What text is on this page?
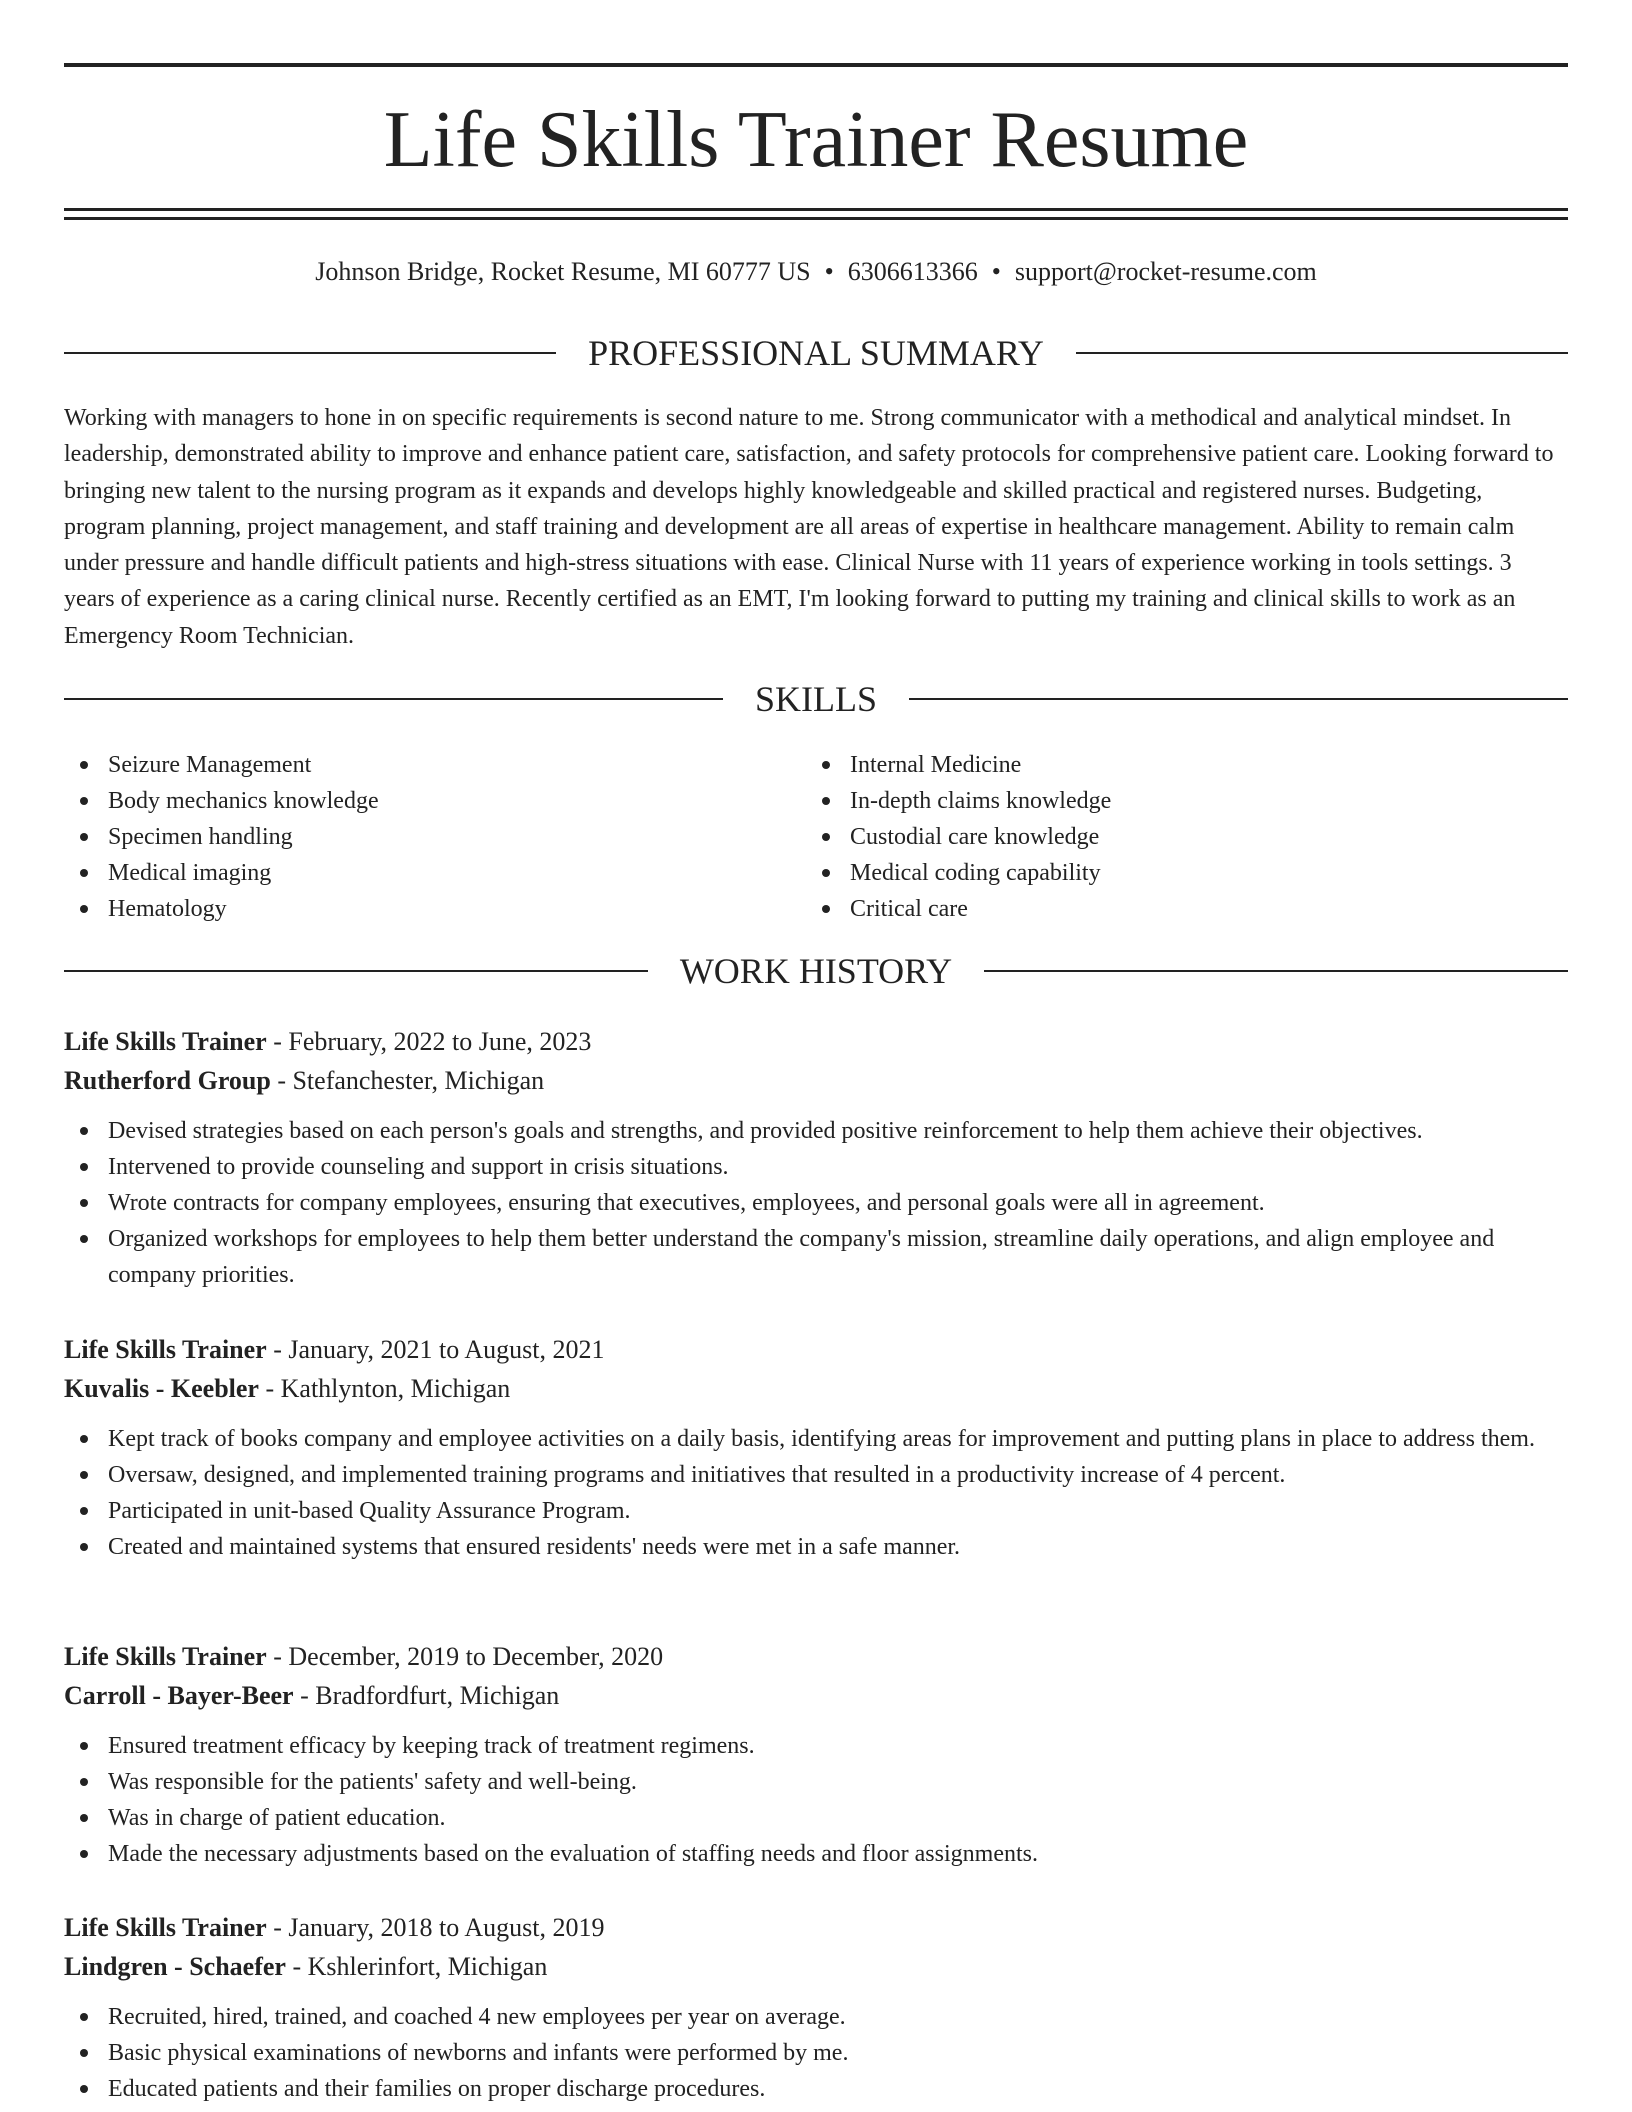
Life Skills Trainer Resume
Johnson Bridge, Rocket Resume, MI 60777 US • 6306613366 • support@rocket-resume.com
PROFESSIONAL SUMMARY

Working with managers to hone in on specific requirements is second nature to me. Strong communicator with a methodical and analytical mindset. In leadership, demonstrated ability to improve and enhance patient care, satisfaction, and safety protocols for comprehensive patient care. Looking forward to bringing new talent to the nursing program as it expands and develops highly knowledgeable and skilled practical and registered nurses. Budgeting, program planning, project management, and staff training and development are all areas of expertise in healthcare management. Ability to remain calm under pressure and handle difficult patients and high-stress situations with ease. Clinical Nurse with 11 years of experience working in tools settings. 3 years of experience as a caring clinical nurse. Recently certified as an EMT, I'm looking forward to putting my training and clinical skills to work as an Emergency Room Technician.

SKILLS
Seizure Management
Body mechanics knowledge
Specimen handling
Medical imaging
Hematology
Internal Medicine
In-depth claims knowledge
Custodial care knowledge
Medical coding capability
Critical care
WORK HISTORY
Life Skills Trainer - February, 2022 to June, 2023
Rutherford Group - Stefanchester, Michigan
Devised strategies based on each person's goals and strengths, and provided positive reinforcement to help them achieve their objectives.
Intervened to provide counseling and support in crisis situations.
Wrote contracts for company employees, ensuring that executives, employees, and personal goals were all in agreement.
Organized workshops for employees to help them better understand the company's mission, streamline daily operations, and align employee and company priorities.
Life Skills Trainer - January, 2021 to August, 2021
Kuvalis - Keebler - Kathlynton, Michigan
Kept track of books company and employee activities on a daily basis, identifying areas for improvement and putting plans in place to address them.
Oversaw, designed, and implemented training programs and initiatives that resulted in a productivity increase of 4 percent.
Participated in unit-based Quality Assurance Program.
Created and maintained systems that ensured residents' needs were met in a safe manner.
Life Skills Trainer - December, 2019 to December, 2020
Carroll - Bayer-Beer - Bradfordfurt, Michigan
Ensured treatment efficacy by keeping track of treatment regimens.
Was responsible for the patients' safety and well-being.
Was in charge of patient education.
Made the necessary adjustments based on the evaluation of staffing needs and floor assignments.
Life Skills Trainer - January, 2018 to August, 2019
Lindgren - Schaefer - Kshlerinfort, Michigan
Recruited, hired, trained, and coached 4 new employees per year on average.
Basic physical examinations of newborns and infants were performed by me.
Educated patients and their families on proper discharge procedures.
